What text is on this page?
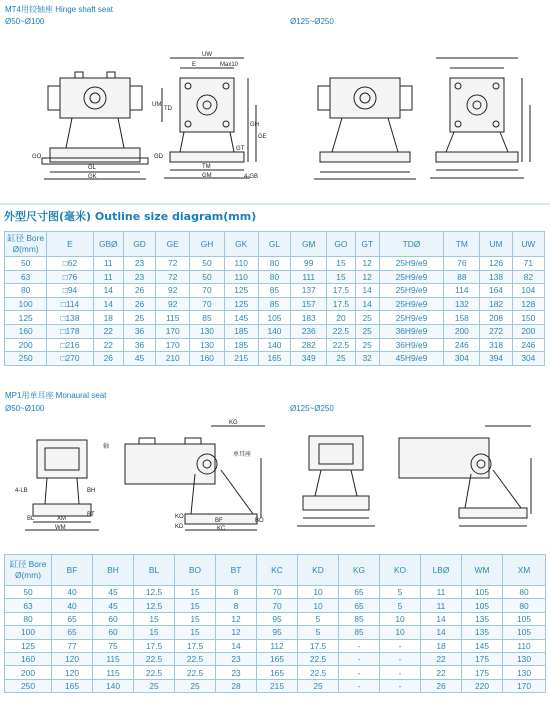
MT4用铰轴座 Hinge shaft seat
Ø50~Ø100	Ø125~Ø250
UW
E	Max10
UM
TD
GH
GE
GO
GL
GK
GD
TM
GM
GT
4-GB
外型尺寸图(毫米) Outline size diagram(mm)
缸径 Bore Ø(mm)	E	GBØ	GD	GE	GH	GK	GL	GM	GO	GT	TDØ	TM	UM	UW
50	□62	11	23	72	50	110	80	99	15	12	25H9/e9	76	126	71
63	□76	11	23	72	50	110	80	111	15	12	25H9/e9	88	138	82
80	□94	14	26	92	70	125	85	137	17.5	14	25H9/e9	114	164	104
100	□114	14	26	92	70	125	85	157	17.5	14	25H9/e9	132	182	128
125	□138	18	25	115	85	145	105	183	20	25	25H9/e9	158	208	150
160	□178	22	36	170	130	185	140	236	22.5	25	36H9/e9	200	272	200
200	□216	22	36	170	130	185	140	282	22.5	25	36H9/e9	246	318	246
250	□270	26	45	210	160	215	165	349	25	32	45H9/e9	304	394	304
MP1用单耳座 Monaural seat
Ø50~Ø100	Ø125~Ø250
KG
轴
单耳座
4-LB	BH
BL
BT
XM
WM
KO
BF
KC
KD
BO
缸径 Bore Ø(mm)	BF	BH	BL	BO	BT	KC	KD	KG	KO	LBØ	WM	XM
50	40	45	12.5	15	8	70	10	65	5	11	105	80
63	40	45	12.5	15	8	70	10	65	5	11	105	80
80	65	60	15	15	12	95	5	85	10	14	135	105
100	65	60	15	15	12	95	5	85	10	14	135	105
125	77	75	17.5	17.5	14	112	17.5	-	-	18	145	110
160	120	115	22.5	22.5	23	165	22.5	-	-	22	175	130
200	120	115	22.5	22.5	23	165	22.5	-	-	22	175	130
250	165	140	25	25	28	215	25	-	-	26	220	170
